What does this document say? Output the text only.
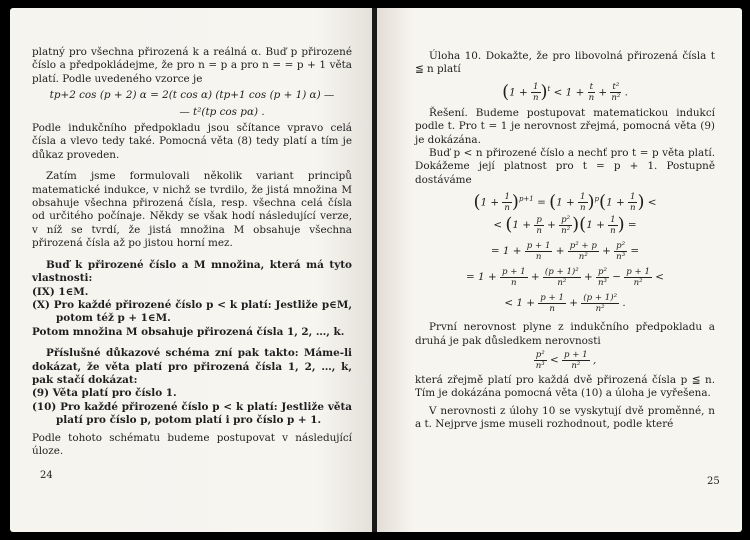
platný pro všechna přirozená k a reálná α. Buď p přirozené číslo a předpokládejme, že pro n = p a pro n = = p + 1 věta platí. Podle uvedeného vzorce je

tp+2 cos (p + 2) α = 2(t cos α) (tp+1 cos (p + 1) α) —
— t²(tp cos pα) .

Podle indukčního předpokladu jsou sčítance vpravo celá čísla a vlevo tedy také. Pomocná věta (8) tedy platí a tím je důkaz proveden.

Zatím jsme formulovali několik variant principů matematické indukce, v nichž se tvrdilo, že jistá množina M obsahuje všechna přirozená čísla, resp. všechna celá čísla od určitého počínaje. Někdy se však hodí následující verze, v níž se tvrdí, že jistá množina M obsahuje všechna přirozená čísla až po jistou horní mez.

Buď k přirozené číslo a M množina, která má tyto vlastnosti:

(IX) 1∈M.

(X) Pro každé přirozené číslo p < k platí: Jestliže p∈M, potom též p + 1∈M.

Potom množina M obsahuje přirozená čísla 1, 2, …, k.

Příslušné důkazové schéma zní pak takto: Máme-li dokázat, že věta platí pro přirozená čísla 1, 2, …, k, pak stačí dokázat:

(9) Věta platí pro číslo 1.

(10) Pro každé přirozené číslo p < k platí: Jestliže věta platí pro číslo p, potom platí i pro číslo p + 1.

Podle tohoto schématu budeme postupovat v následující úloze.

24

Úloha 10. Dokažte, že pro libovolná přirozená čísla t ≦ n platí

$(1 + \frac{1}{n} )^t < 1 + \frac{t}{n} + \frac{\text{t²}}{\text{n²}}$ .

Řešení. Budeme postupovat matematickou indukcí podle t. Pro t = 1 je nerovnost zřejmá, pomocná věta (9) je dokázána.

Buď p < n přirozené číslo a nechť pro t = p věta platí. Dokážeme její platnost pro t = p + 1. Postupně dostáváme

$(1 + \frac{1}{n} )^{p+1} = (1 + \frac{1}{n} )^p(1 + \frac{1}{n}$ ) <
< $(1 + \frac{p}{n} + \frac{\text{p²}}{\text{n²}} )(1 + \frac{1}{n}$ ) =
= $1 + \frac{p + 1}{n} + \frac{\text{p² + p}}{\text{n²}} + \frac{\text{p²}}{\text{n³}}$ =
= $1 + \frac{p + 1}{n} + \frac{\text{(p + 1)²}}{\text{n²}} + \frac{\text{p²}}{\text{n³}} - \frac{p + 1}{\text{n²}}$ <
< $1 + \frac{p + 1}{n} + \frac{\text{(p + 1)²}}{\text{n²}}$ .

První nerovnost plyne z indukčního předpokladu a druhá je pak důsledkem nerovnosti

$\frac{\text{p²}}{\text{n³}} < \frac{p + 1}{\text{n²}}$ ,

která zřejmě platí pro každá dvě přirozená čísla p ≦ n. Tím je dokázána pomocná věta (10) a úloha je vyřešena.

V nerovnosti z úlohy 10 se vyskytují dvě proměnné, n a t. Nejprve jsme museli rozhodnout, podle které

25
